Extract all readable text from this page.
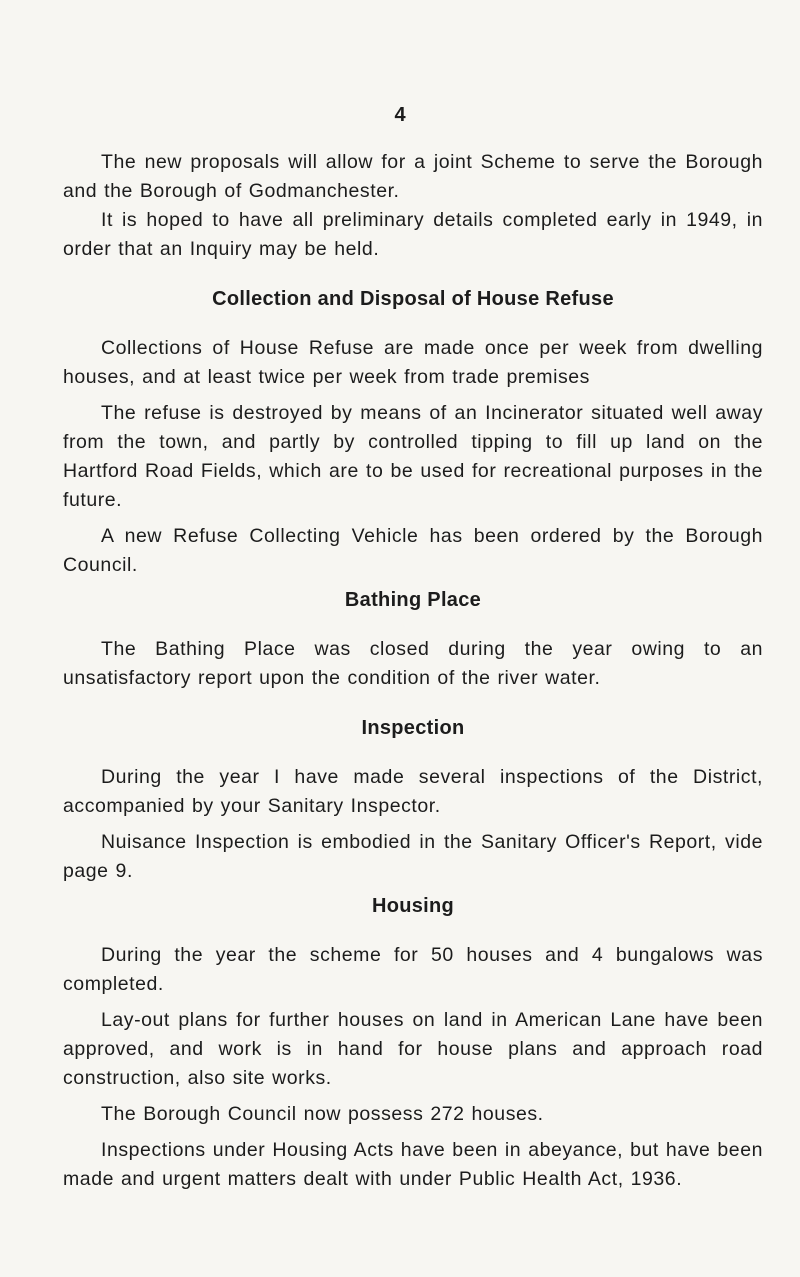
4

The new proposals will allow for a joint Scheme to serve the Borough and the Borough of Godmanchester.

It is hoped to have all preliminary details completed early in 1949, in order that an Inquiry may be held.

Collection and Disposal of House Refuse

Collections of House Refuse are made once per week from dwelling houses, and at least twice per week from trade premises

The refuse is destroyed by means of an Incinerator situated well away from the town, and partly by controlled tipping to fill up land on the Hartford Road Fields, which are to be used for recreational purposes in the future.

A new Refuse Collecting Vehicle has been ordered by the Borough Council.

Bathing Place

The Bathing Place was closed during the year owing to an unsatisfactory report upon the condition of the river water.

Inspection

During the year I have made several inspections of the District, accompanied by your Sanitary Inspector.

Nuisance Inspection is embodied in the Sanitary Officer's Report, vide page 9.

Housing

During the year the scheme for 50 houses and 4 bungalows was completed.

Lay-out plans for further houses on land in American Lane have been approved, and work is in hand for house plans and approach road construction, also site works.

The Borough Council now possess 272 houses.

Inspections under Housing Acts have been in abeyance, but have been made and urgent matters dealt with under Public Health Act, 1936.
